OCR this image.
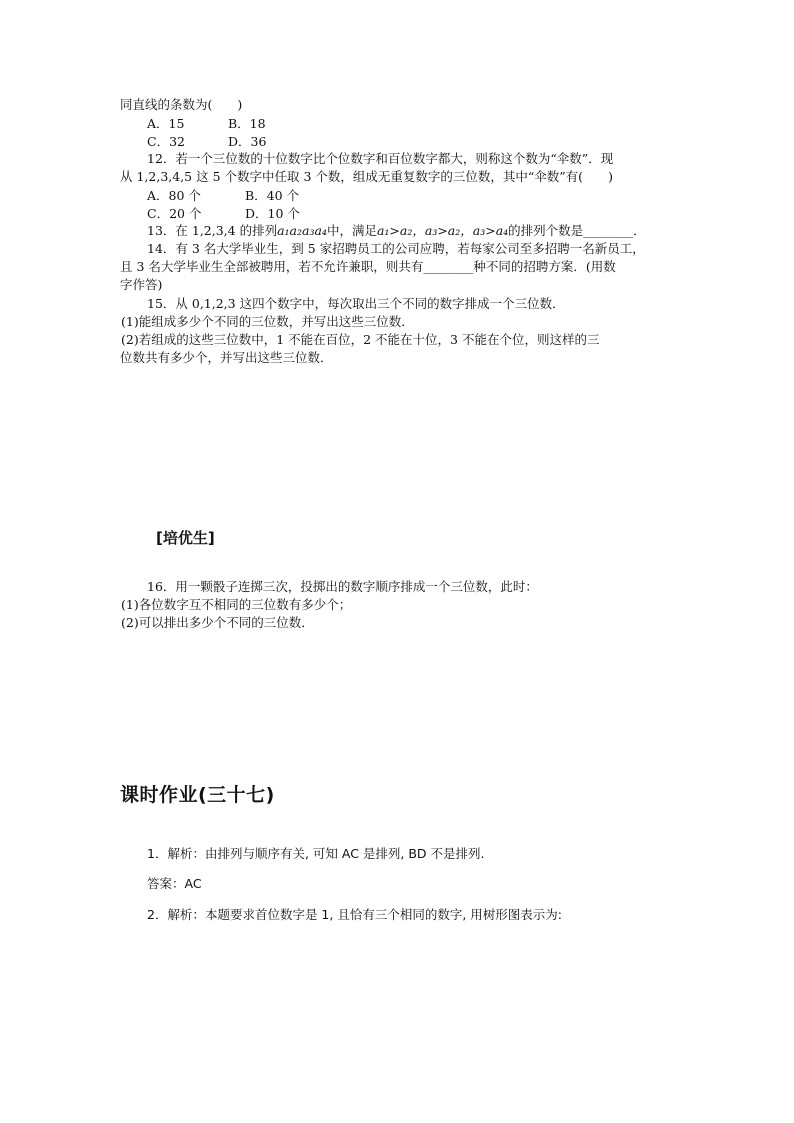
同直线的条数为(　　)
A．15	B．18
C．32	D．36
12．若一个三位数的十位数字比个位数字和百位数字都大，则称这个数为“伞数”．现
从 1,2,3,4,5 这 5 个数字中任取 3 个数，组成无重复数字的三位数，其中“伞数”有(　　)
A．80 个	B．40 个
C．20 个	D．10 个
13．在 1,2,3,4 的排列a₁a₂a₃a₄中，满足a₁>a₂，a₃>a₂，a₃>a₄的排列个数是________．
14．有 3 名大学毕业生，到 5 家招聘员工的公司应聘，若每家公司至多招聘一名新员工，
且 3 名大学毕业生全部被聘用，若不允许兼职，则共有________种不同的招聘方案．(用数
字作答)
15．从 0,1,2,3 这四个数字中，每次取出三个不同的数字排成一个三位数．
(1)能组成多少个不同的三位数，并写出这些三位数．
(2)若组成的这些三位数中，1 不能在百位，2 不能在十位，3 不能在个位，则这样的三
位数共有多少个，并写出这些三位数．
[培优生]
16．用一颗骰子连掷三次，投掷出的数字顺序排成一个三位数，此时：
(1)各位数字互不相同的三位数有多少个；
(2)可以排出多少个不同的三位数．
课时作业(三十七)
1．解析：由排列与顺序有关, 可知 AC 是排列, BD 不是排列.
答案：AC
2．解析：本题要求首位数字是 1, 且恰有三个相同的数字, 用树形图表示为:
